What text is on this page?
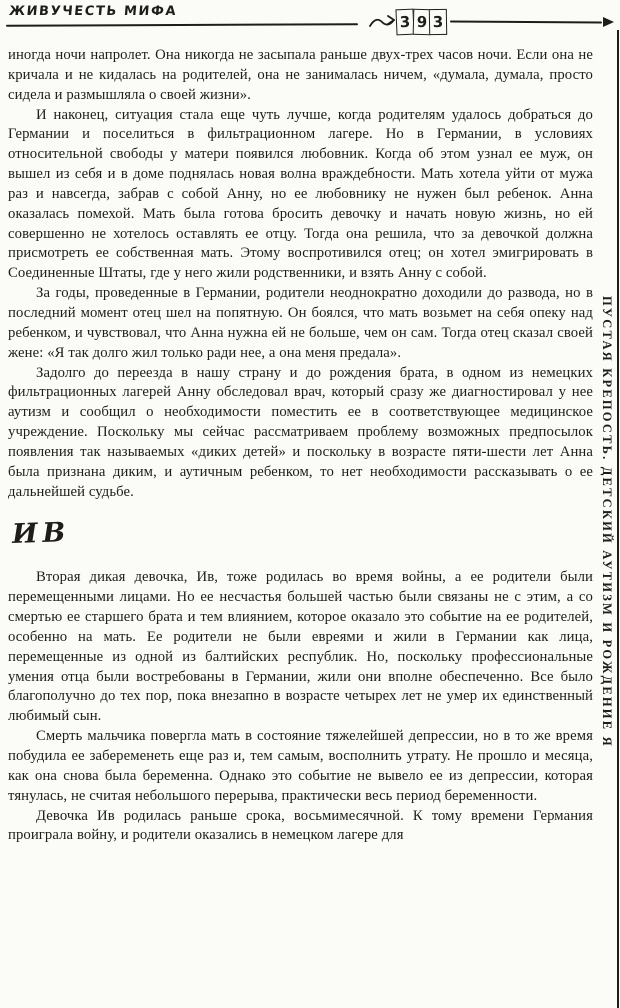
ЖИВУЧЕСТЬ МИФА
3 9 3

иногда ночи напролет. Она никогда не засыпала раньше двух-трех часов ночи. Если она не кричала и не кидалась на родителей, она не занималась ничем, «думала, думала, просто сидела и размышляла о своей жизни».

И наконец, ситуация стала еще чуть лучше, когда родителям удалось добраться до Германии и поселиться в фильтрационном лагере. Но в Германии, в условиях относительной свободы у матери появился любовник. Когда об этом узнал ее муж, он вышел из себя и в доме поднялась новая волна враждебности. Мать хотела уйти от мужа раз и навсегда, забрав с собой Анну, но ее любовнику не нужен был ребенок. Анна оказалась помехой. Мать была готова бросить девочку и начать новую жизнь, но ей совершенно не хотелось оставлять ее отцу. Тогда она решила, что за девочкой должна присмотреть ее собственная мать. Этому воспротивился отец; он хотел эмигрировать в Соединенные Штаты, где у него жили родственники, и взять Анну с собой.

За годы, проведенные в Германии, родители неоднократно доходили до развода, но в последний момент отец шел на попятную. Он боялся, что мать возьмет на себя опеку над ребенком, и чувствовал, что Анна нужна ей не больше, чем он сам. Тогда отец сказал своей жене: «Я так долго жил только ради нее, а она меня предала».

Задолго до переезда в нашу страну и до рождения брата, в одном из немецких фильтрационных лагерей Анну обследовал врач, который сразу же диагностировал у нее аутизм и сообщил о необходимости поместить ее в соответствующее медицинское учреждение. Поскольку мы сейчас рассматриваем проблему возможных предпосылок появления так называемых «диких детей» и поскольку в возрасте пяти-шести лет Анна была признана диким, и аутичным ребенком, то нет необходимости рассказывать о ее дальнейшей судьбе.

ИВ

Вторая дикая девочка, Ив, тоже родилась во время войны, а ее родители были перемещенными лицами. Но ее несчастья большей частью были связаны не с этим, а со смертью ее старшего брата и тем влиянием, которое оказало это событие на ее родителей, особенно на мать. Ее родители не были евреями и жили в Германии как лица, перемещенные из одной из балтийских республик. Но, поскольку профессиональные умения отца были востребованы в Германии, жили они вполне обеспеченно. Все было благополучно до тех пор, пока внезапно в возрасте четырех лет не умер их единственный любимый сын.

Смерть мальчика повергла мать в состояние тяжелейшей депрессии, но в то же время побудила ее забеременеть еще раз и, тем самым, восполнить утрату. Не прошло и месяца, как она снова была беременна. Однако это событие не вывело ее из депрессии, которая тянулась, не считая небольшого перерыва, практически весь период беременности.

Девочка Ив родилась раньше срока, восьмимесячной. К тому времени Германия проиграла войну, и родители оказались в немецком лагере для

ПУСТАЯ КРЕПОСТЬ. ДЕТСКИЙ АУТИЗМ И РОЖДЕНИЕ Я
